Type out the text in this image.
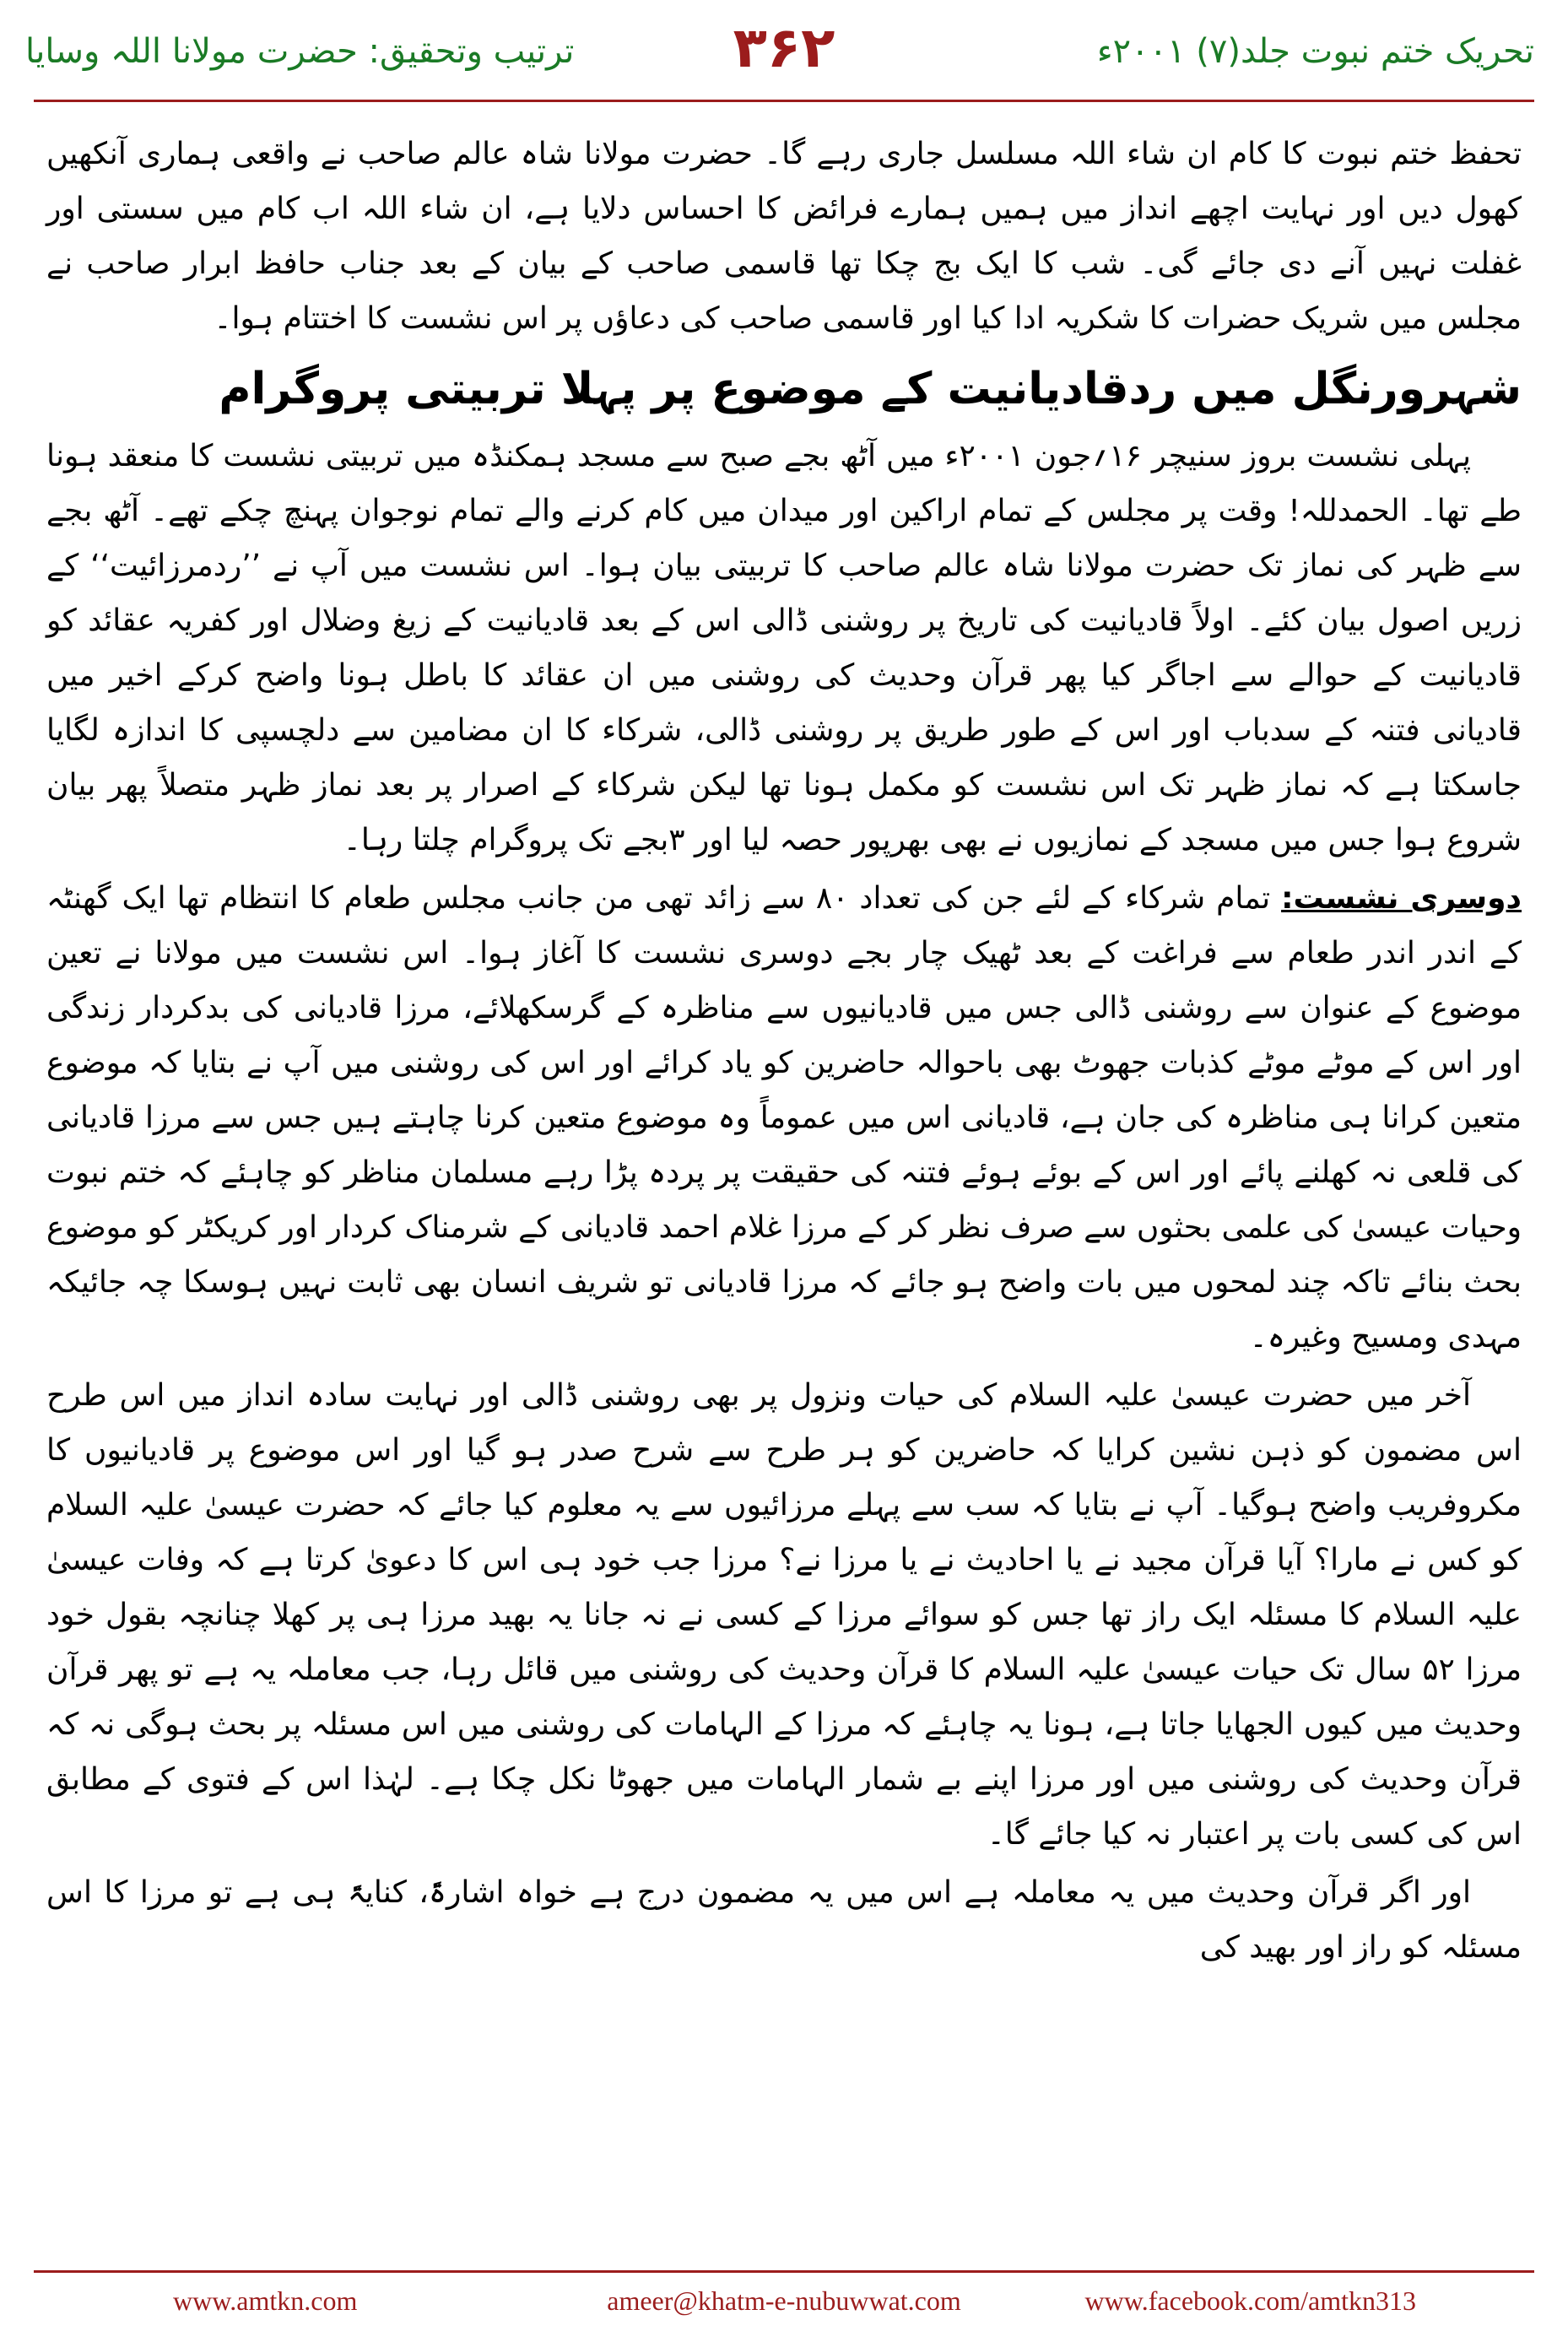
تحریک ختم نبوت جلد(۷) ۲۰۰۱ء
۳۶۲
ترتیب وتحقیق: حضرت مولانا اللہ وسایا

تحفظ ختم نبوت کا کام ان شاء اللہ مسلسل جاری رہے گا۔ حضرت مولانا شاہ عالم صاحب نے واقعی ہماری آنکھیں کھول دیں اور نہایت اچھے انداز میں ہمیں ہمارے فرائض کا احساس دلایا ہے، ان شاء اللہ اب کام میں سستی اور غفلت نہیں آنے دی جائے گی۔ شب کا ایک بج چکا تھا قاسمی صاحب کے بیان کے بعد جناب حافظ ابرار صاحب نے مجلس میں شریک حضرات کا شکریہ ادا کیا اور قاسمی صاحب کی دعاؤں پر اس نشست کا اختتام ہوا۔

شہرورنگل میں ردقادیانیت کے موضوع پر پہلا تربیتی پروگرام

پہلی نشست بروز سنیچر ۱۶؍جون ۲۰۰۱ء میں آٹھ بجے صبح سے مسجد ہمکنڈہ میں تربیتی نشست کا منعقد ہونا طے تھا۔ الحمدللہ! وقت پر مجلس کے تمام اراکین اور میدان میں کام کرنے والے تمام نوجوان پہنچ چکے تھے۔ آٹھ بجے سے ظہر کی نماز تک حضرت مولانا شاہ عالم صاحب کا تربیتی بیان ہوا۔ اس نشست میں آپ نے ’’ردمرزائیت‘‘ کے زریں اصول بیان کئے۔ اولاً قادیانیت کی تاریخ پر روشنی ڈالی اس کے بعد قادیانیت کے زیغ وضلال اور کفریہ عقائد کو قادیانیت کے حوالے سے اجاگر کیا پھر قرآن وحدیث کی روشنی میں ان عقائد کا باطل ہونا واضح کرکے اخیر میں قادیانی فتنہ کے سدباب اور اس کے طور طریق پر روشنی ڈالی، شرکاء کا ان مضامین سے دلچسپی کا اندازہ لگایا جاسکتا ہے کہ نماز ظہر تک اس نشست کو مکمل ہونا تھا لیکن شرکاء کے اصرار پر بعد نماز ظہر متصلاً پھر بیان شروع ہوا جس میں مسجد کے نمازیوں نے بھی بھرپور حصہ لیا اور ۳بجے تک پروگرام چلتا رہا۔

دوسری نشست: تمام شرکاء کے لئے جن کی تعداد ۸۰ سے زائد تھی من جانب مجلس طعام کا انتظام تھا ایک گھنٹہ کے اندر اندر طعام سے فراغت کے بعد ٹھیک چار بجے دوسری نشست کا آغاز ہوا۔ اس نشست میں مولانا نے تعین موضوع کے عنوان سے روشنی ڈالی جس میں قادیانیوں سے مناظرہ کے گرسکھلائے، مرزا قادیانی کی بدکردار زندگی اور اس کے موٹے موٹے کذبات جھوٹ بھی باحوالہ حاضرین کو یاد کرائے اور اس کی روشنی میں آپ نے بتایا کہ موضوع متعین کرانا ہی مناظرہ کی جان ہے، قادیانی اس میں عموماً وہ موضوع متعین کرنا چاہتے ہیں جس سے مرزا قادیانی کی قلعی نہ کھلنے پائے اور اس کے بوئے ہوئے فتنہ کی حقیقت پر پردہ پڑا رہے مسلمان مناظر کو چاہئے کہ ختم نبوت وحیات عیسیٰ کی علمی بحثوں سے صرف نظر کر کے مرزا غلام احمد قادیانی کے شرمناک کردار اور کریکٹر کو موضوع بحث بنائے تاکہ چند لمحوں میں بات واضح ہو جائے کہ مرزا قادیانی تو شریف انسان بھی ثابت نہیں ہوسکا چہ جائیکہ مہدی ومسیح وغیرہ۔

آخر میں حضرت عیسیٰ علیہ السلام کی حیات ونزول پر بھی روشنی ڈالی اور نہایت سادہ انداز میں اس طرح اس مضمون کو ذہن نشین کرایا کہ حاضرین کو ہر طرح سے شرح صدر ہو گیا اور اس موضوع پر قادیانیوں کا مکروفریب واضح ہوگیا۔ آپ نے بتایا کہ سب سے پہلے مرزائیوں سے یہ معلوم کیا جائے کہ حضرت عیسیٰ علیہ السلام کو کس نے مارا؟ آیا قرآن مجید نے یا احادیث نے یا مرزا نے؟ مرزا جب خود ہی اس کا دعویٰ کرتا ہے کہ وفات عیسیٰ علیہ السلام کا مسئلہ ایک راز تھا جس کو سوائے مرزا کے کسی نے نہ جانا یہ بھید مرزا ہی پر کھلا چنانچہ بقول خود مرزا ۵۲ سال تک حیات عیسیٰ علیہ السلام کا قرآن وحدیث کی روشنی میں قائل رہا، جب معاملہ یہ ہے تو پھر قرآن وحدیث میں کیوں الجھایا جاتا ہے، ہونا یہ چاہئے کہ مرزا کے الہامات کی روشنی میں اس مسئلہ پر بحث ہوگی نہ کہ قرآن وحدیث کی روشنی میں اور مرزا اپنے بے شمار الہامات میں جھوٹا نکل چکا ہے۔ لہٰذا اس کے فتوی کے مطابق اس کی کسی بات پر اعتبار نہ کیا جائے گا۔

اور اگر قرآن وحدیث میں یہ معاملہ ہے اس میں یہ مضمون درج ہے خواہ اشارۃً، کنایۃً ہی ہے تو مرزا کا اس مسئلہ کو راز اور بھید کی

www.amtkn.com	ameer@khatm-e-nubuwwat.com	www.facebook.com/amtkn313
